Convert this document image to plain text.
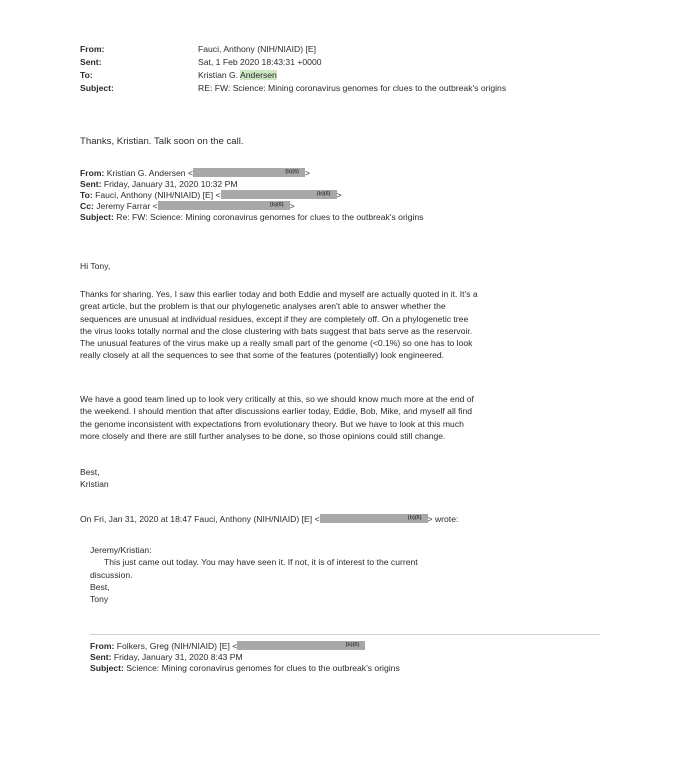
From:	Fauci, Anthony (NIH/NIAID) [E]
Sent:	Sat, 1 Feb 2020 18:43:31 +0000
To:	Kristian G. Andersen
Subject:	RE: FW: Science: Mining coronavirus genomes for clues to the outbreak's origins
Thanks, Kristian. Talk soon on the call.
From: Kristian G. Andersen <	(b)(6) >
Sent: Friday, January 31, 2020 10:32 PM
To: Fauci, Anthony (NIH/NIAID) [E] <	(b)(6) >
Cc: Jeremy Farrar <	(b)(6) >
Subject: Re: FW: Science: Mining coronavirus genomes for clues to the outbreak's origins
Hi Tony,
Thanks for sharing. Yes, I saw this earlier today and both Eddie and myself are actually quoted in it. It's a
great article, but the problem is that our phylogenetic analyses aren't able to answer whether the
sequences are unusual at individual residues, except if they are completely off. On a phylogenetic tree
the virus looks totally normal and the close clustering with bats suggest that bats serve as the reservoir.
The unusual features of the virus make up a really small part of the genome (<0.1%) so one has to look
really closely at all the sequences to see that some of the features (potentially) look engineered.
We have a good team lined up to look very critically at this, so we should know much more at the end of
the weekend. I should mention that after discussions earlier today, Eddie, Bob, Mike, and myself all find
the genome inconsistent with expectations from evolutionary theory. But we have to look at this much
more closely and there are still further analyses to be done, so those opinions could still change.
Best,
Kristian
On Fri, Jan 31, 2020 at 18:47 Fauci, Anthony (NIH/NIAID) [E] <	(b)(6) > wrote:
Jeremy/Kristian:
This just came out today. You may have seen it. If not, it is of interest to the current
discussion.
Best,
Tony
From: Folkers, Greg (NIH/NIAID) [E] <	(b)(6)
Sent: Friday, January 31, 2020 8:43 PM
Subject: Science: Mining coronavirus genomes for clues to the outbreak's origins
